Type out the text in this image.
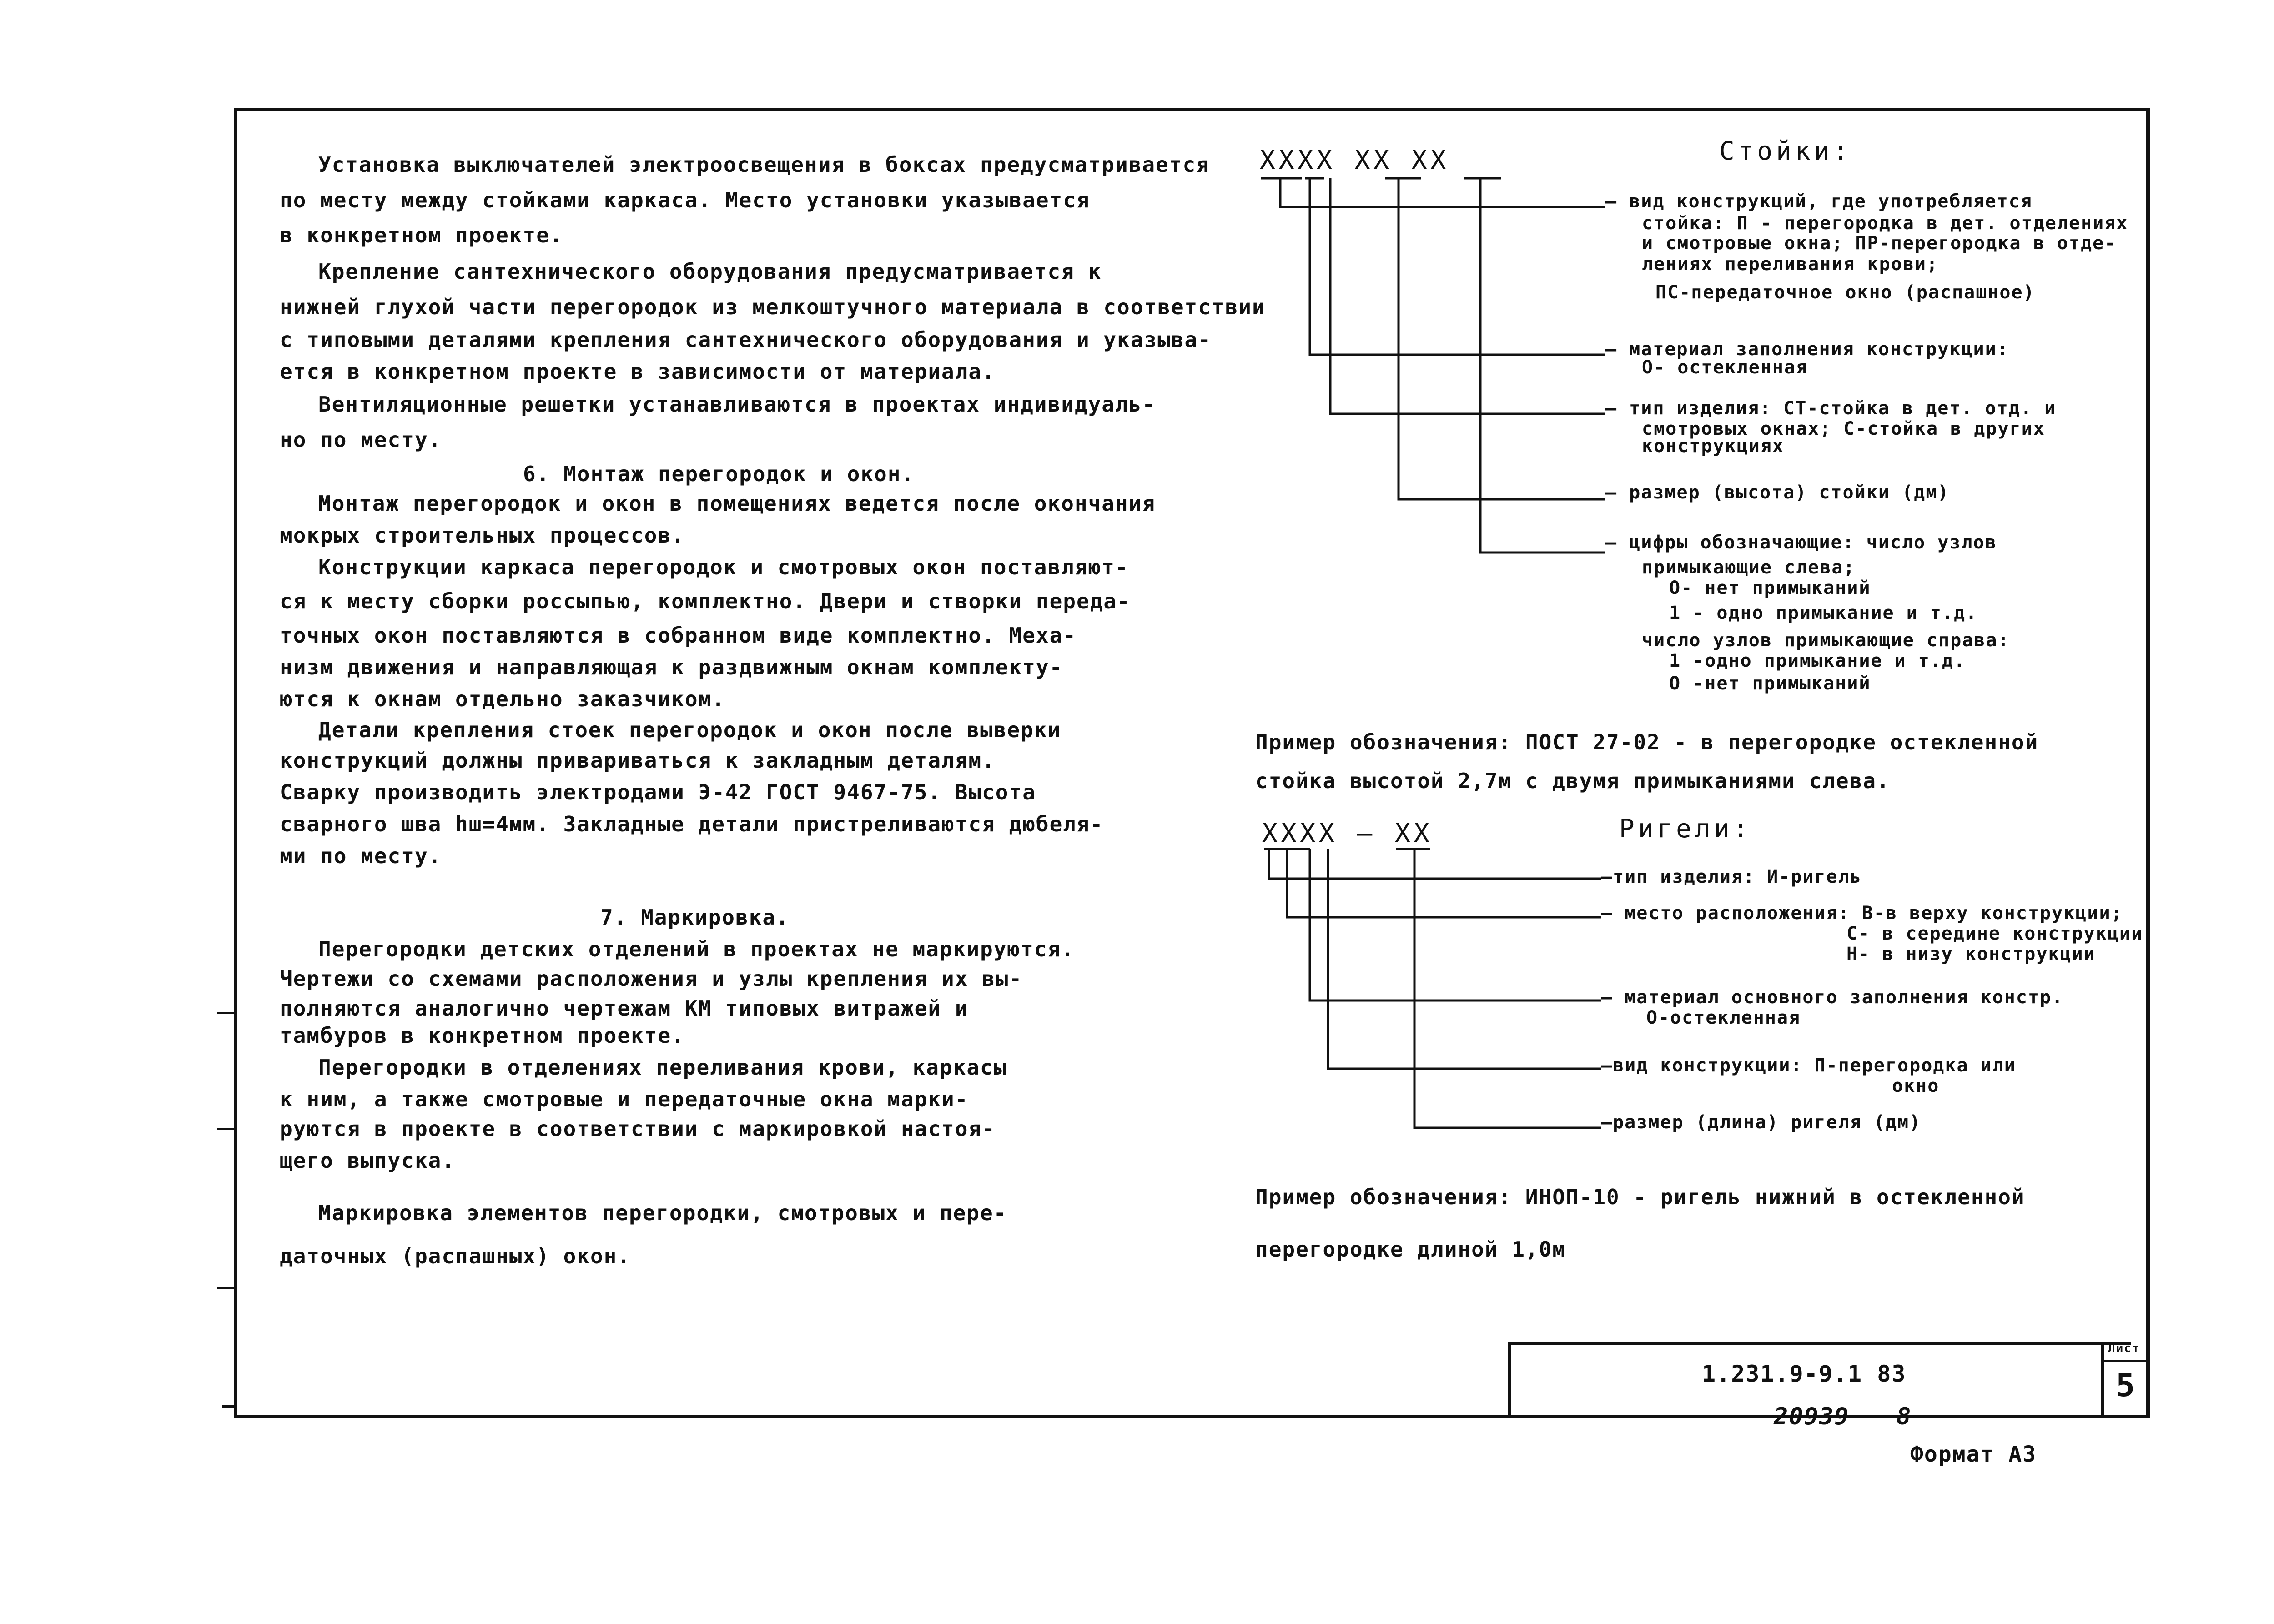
Установка выключателей электроосвещения в боксах предусматривается
по месту между стойками каркаса. Место установки указывается
в конкретном проекте.
Крепление сантехнического оборудования предусматривается к
нижней глухой части перегородок из мелкоштучного материала в соответствии
с типовыми деталями крепления сантехнического оборудования и указыва-
ется в конкретном проекте в зависимости от материала.
Вентиляционные решетки устанавливаются в проектах индивидуаль-
но по месту.
6. Монтаж перегородок и окон.
Монтаж перегородок и окон в помещениях ведется после окончания
мокрых строительных процессов.
Конструкции каркаса перегородок и смотровых окон поставляют-
ся к месту сборки россыпью, комплектно. Двери и створки переда-
точных окон поставляются в собранном виде комплектно. Меха-
низм движения и направляющая к раздвижным окнам комплекту-
ются к окнам отдельно заказчиком.
Детали крепления стоек перегородок и окон после выверки
конструкций должны привариваться к закладным деталям.
Сварку производить электродами Э-42 ГОСТ 9467-75. Высота
сварного шва hш=4мм. Закладные детали пристреливаются дюбеля-
ми по месту.
7. Маркировка.
Перегородки детских отделений в проектах не маркируются.
Чертежи со схемами расположения и узлы крепления их вы-
полняются аналогично чертежам КМ типовых витражей и
тамбуров в конкретном проекте.
Перегородки в отделениях переливания крови, каркасы
к ним, а также смотровые и передаточные окна марки-
руются в проекте в соответствии с маркировкой настоя-
щего выпуска.
Маркировка элементов перегородки, смотровых и пере-
даточных (распашных) окон.
XXXX XX XX	Стойки:
— вид конструкций, где употребляется
стойка: П - перегородка в дет. отделениях
и смотровые окна; ПР-перегородка в отде-
лениях переливания крови;
ПС-передаточное окно (распашное)
— материал заполнения конструкции:
О- остекленная
— тип изделия: СТ-стойка в дет. отд. и
смотровых окнах; С-стойка в других
конструкциях
— размер (высота) стойки (дм)
— цифры обозначающие: число узлов
примыкающие слева;
О- нет примыканий
1 - одно примыкание и т.д.
число узлов примыкающие справа:
1 -одно примыкание и т.д.
О -нет примыканий
Пример обозначения: ПОСТ 27-02 - в перегородке остекленной
стойка высотой 2,7м с двумя примыканиями слева.
XXXX – XX	Ригели:
—тип изделия: И-ригель
— место расположения: В-в верху конструкции;
С- в середине конструкции;
Н- в низу конструкции
— материал основного заполнения констр.
О-остекленная
—вид конструкции: П-перегородка или
окно
—размер (длина) ригеля (дм)
Пример обозначения: ИНОП-10 - ригель нижний в остекленной
перегородке длиной 1,0м
1.231.9-9.1 83
Лист
5
20939 8
Формат А3
